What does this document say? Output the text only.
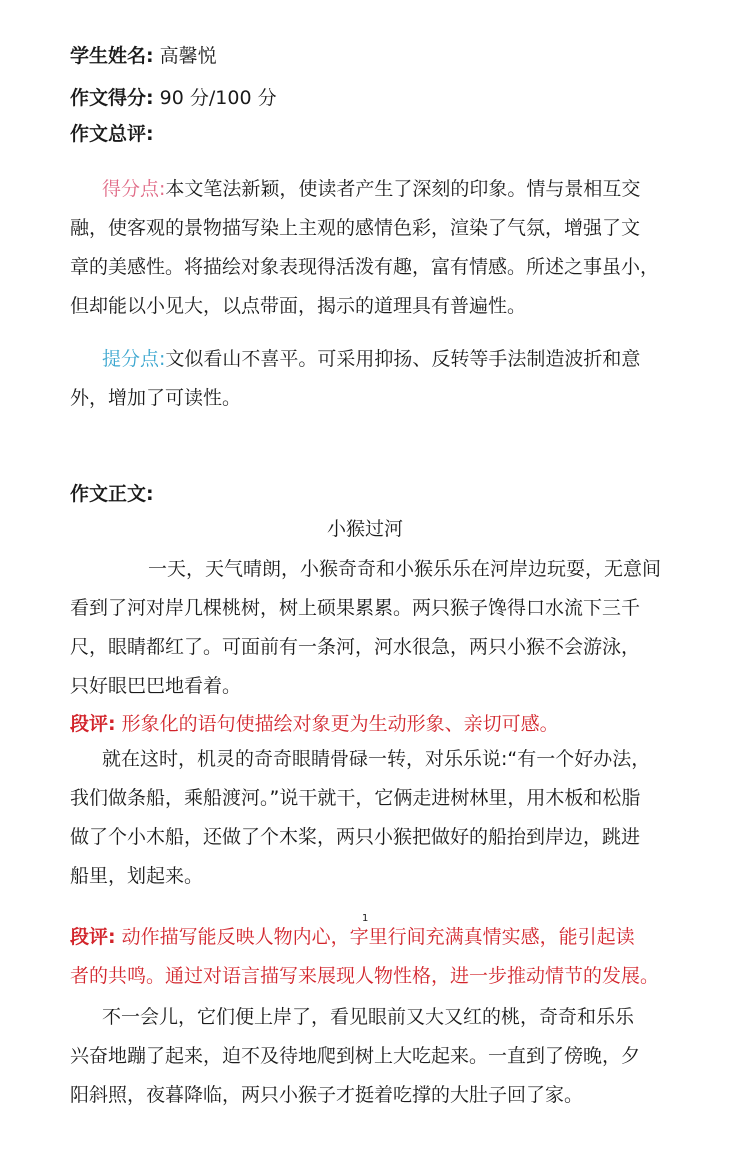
学生姓名: 高馨悦
作文得分: 90 分/100 分
作文总评:
得分点:本文笔法新颖，使读者产生了深刻的印象。情与景相互交
融，使客观的景物描写染上主观的感情色彩，渲染了气氛，增强了文
章的美感性。将描绘对象表现得活泼有趣，富有情感。所述之事虽小，
但却能以小见大，以点带面，揭示的道理具有普遍性。
提分点:文似看山不喜平。可采用抑扬、反转等手法制造波折和意
外，增加了可读性。
作文正文:
小猴过河
一天，天气晴朗，小猴奇奇和小猴乐乐在河岸边玩耍，无意间
看到了河对岸几棵桃树，树上硕果累累。两只猴子馋得口水流下三千
尺，眼睛都红了。可面前有一条河，河水很急，两只小猴不会游泳，
只好眼巴巴地看着。
段评: 形象化的语句使描绘对象更为生动形象、亲切可感。
就在这时，机灵的奇奇眼睛骨碌一转，对乐乐说:“有一个好办法，
我们做条船，乘船渡河。”说干就干，它俩走进树林里，用木板和松脂
做了个小木船，还做了个木桨，两只小猴把做好的船抬到岸边，跳进
船里，划起来。
1
段评: 动作描写能反映人物内心，字里行间充满真情实感，能引起读
者的共鸣。通过对语言描写来展现人物性格，进一步推动情节的发展。
不一会儿，它们便上岸了，看见眼前又大又红的桃，奇奇和乐乐
兴奋地蹦了起来，迫不及待地爬到树上大吃起来。一直到了傍晚，夕
阳斜照，夜暮降临，两只小猴子才挺着吃撑的大肚子回了家。
